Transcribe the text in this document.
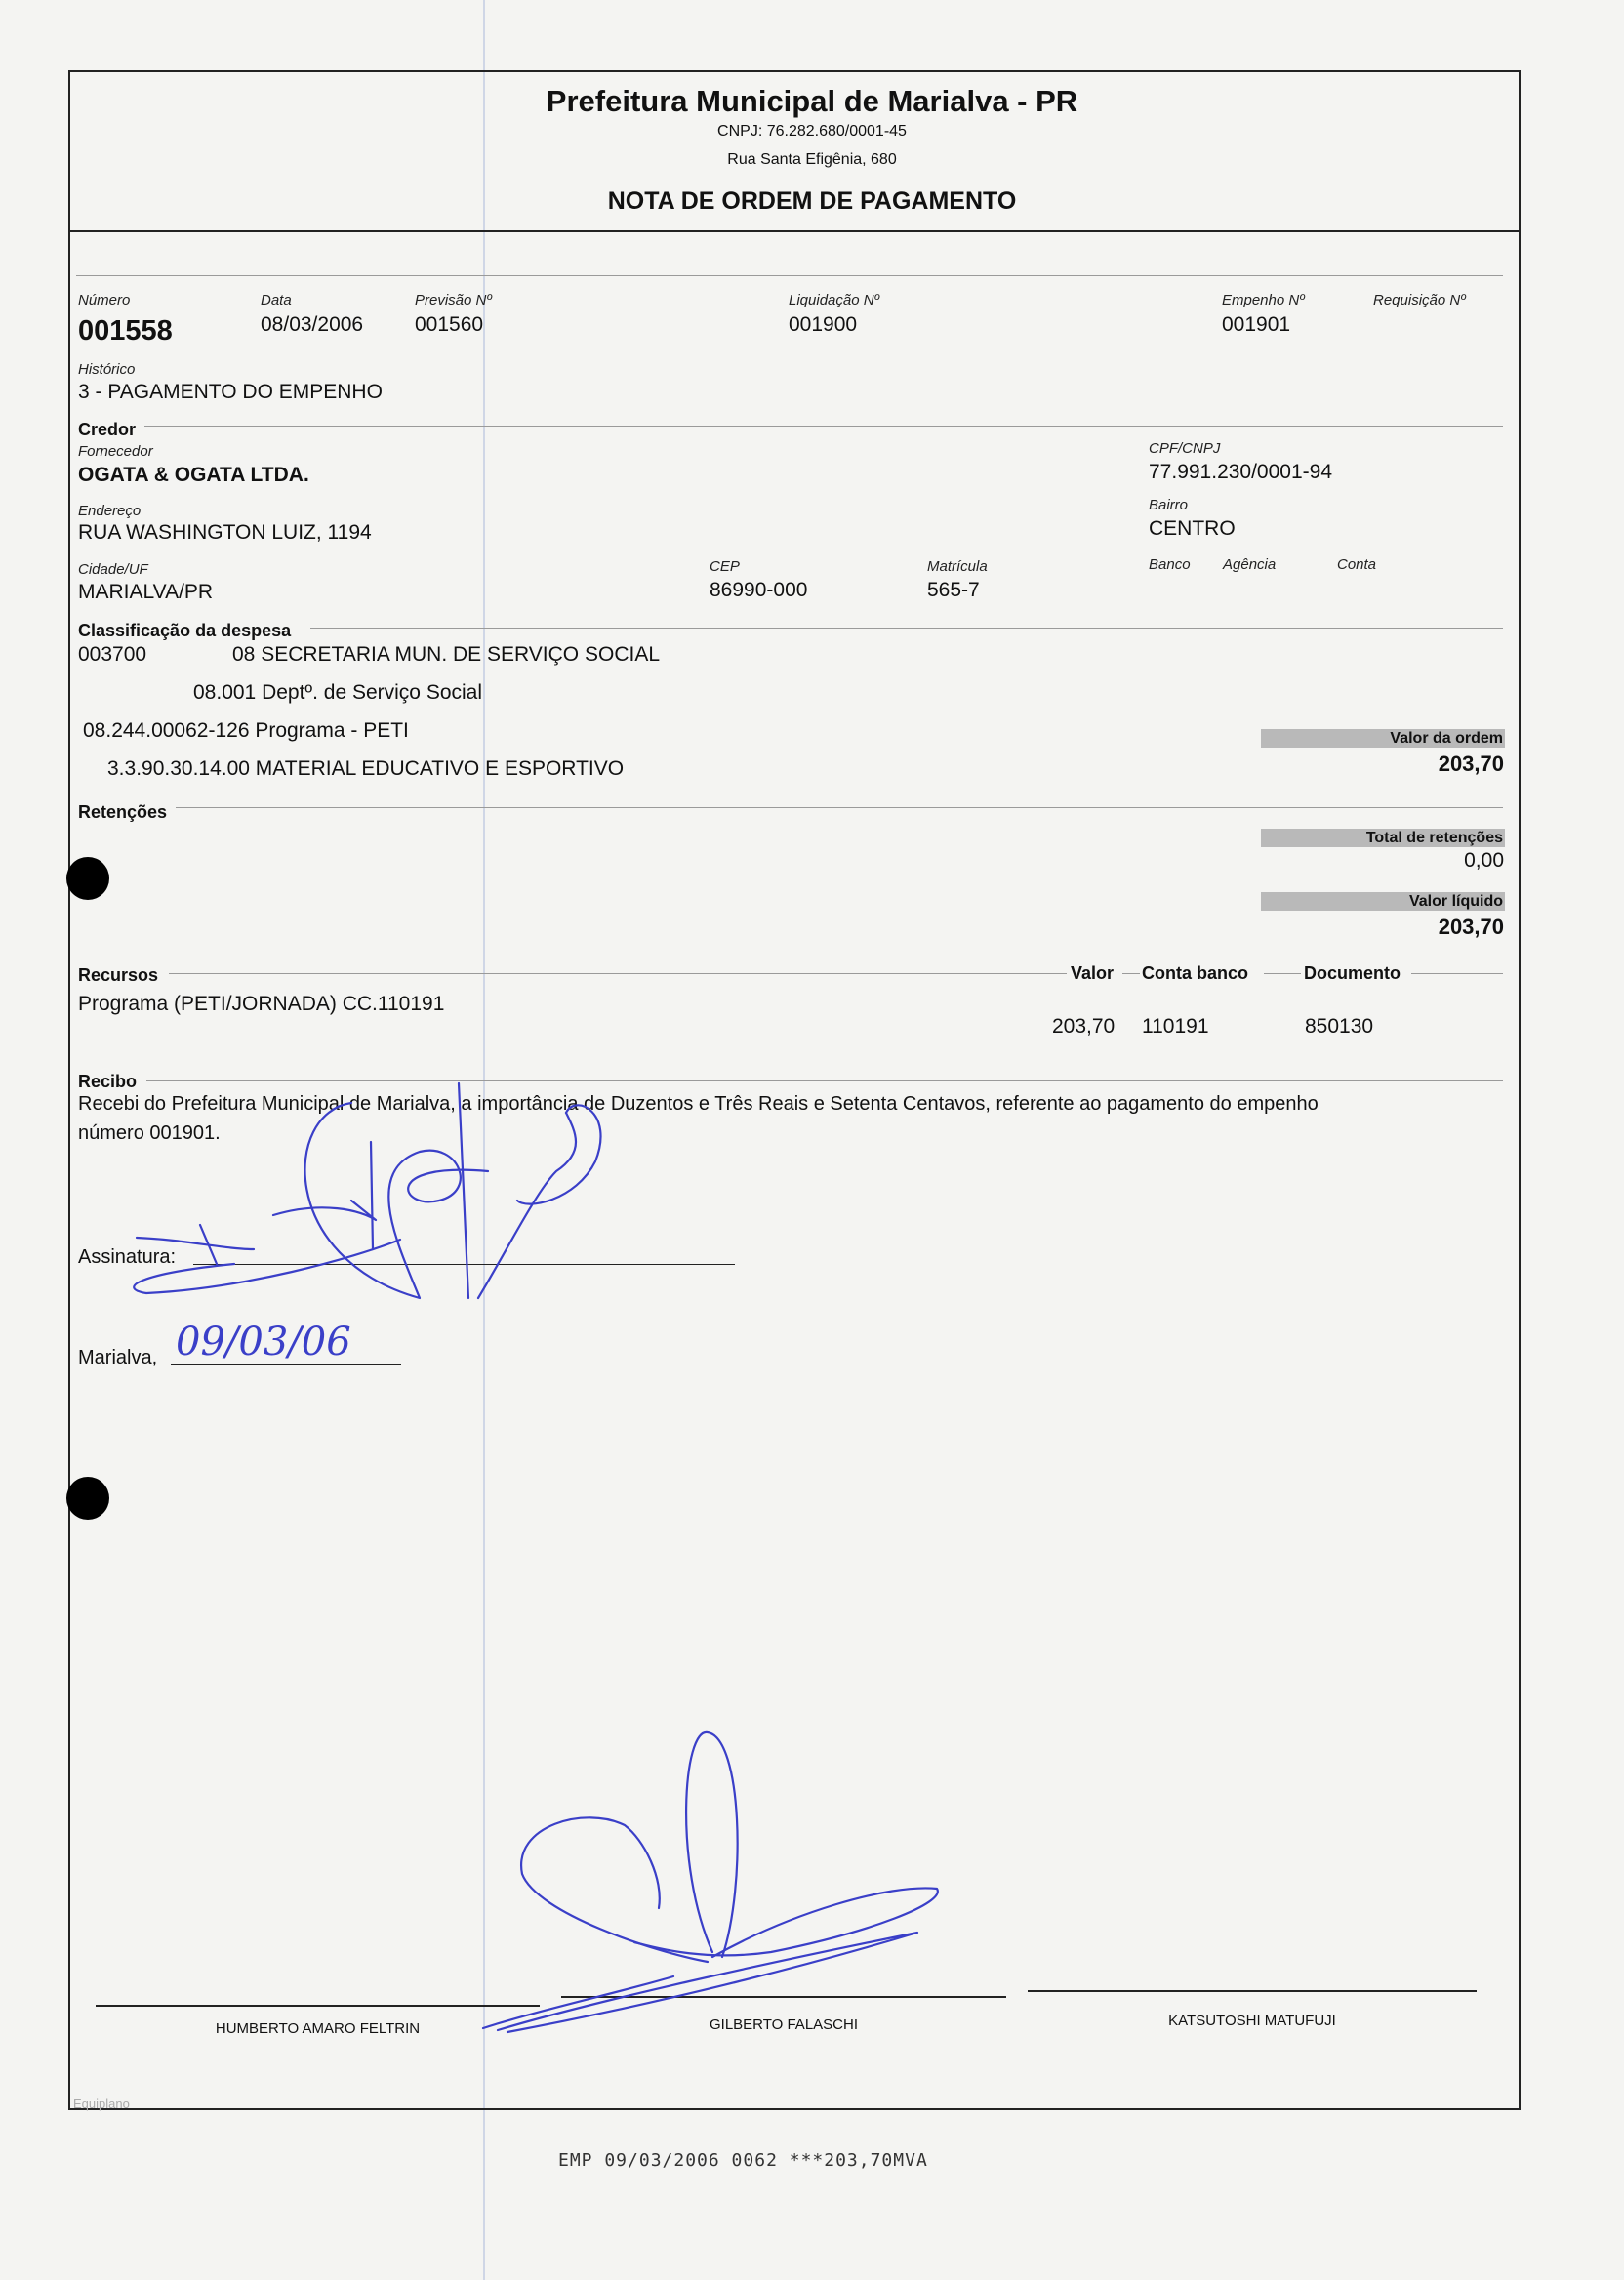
Prefeitura Municipal de Marialva - PR
CNPJ: 76.282.680/0001-45
Rua Santa Efigênia, 680
NOTA DE ORDEM DE PAGAMENTO
Número
001558
Data
08/03/2006
Previsão Nº
001560
Liquidação Nº
001900
Empenho Nº
001901
Requisição Nº
Histórico
3 - PAGAMENTO DO EMPENHO
Credor
Fornecedor
OGATA & OGATA LTDA.
CPF/CNPJ
77.991.230/0001-94
Endereço
RUA WASHINGTON LUIZ, 1194
Bairro
CENTRO
Cidade/UF
MARIALVA/PR
CEP
86990-000
Matrícula
565-7
Banco Agência	Conta
Classificação da despesa
003700	08 SECRETARIA MUN. DE SERVIÇO SOCIAL
08.001 Deptº. de Serviço Social
08.244.00062-126 Programa - PETI
3.3.90.30.14.00 MATERIAL EDUCATIVO E ESPORTIVO
Valor da ordem
203,70
Retenções
Total de retenções
0,00
Valor líquido
203,70
Recursos	Valor Conta banco	Documento
Programa (PETI/JORNADA) CC.110191
203,70 110191	850130
Recibo
Recebi do Prefeitura Municipal de Marialva, a importância de Duzentos e Três Reais e Setenta Centavos, referente ao pagamento do empenho
número 001901.
Assinatura:
Marialva, 09/03/06
HUMBERTO AMARO FELTRIN	GILBERTO FALASCHI	KATSUTOSHI MATUFUJI
Equiplano
EMP 09/03/2006 0062 ***203,70MVA
